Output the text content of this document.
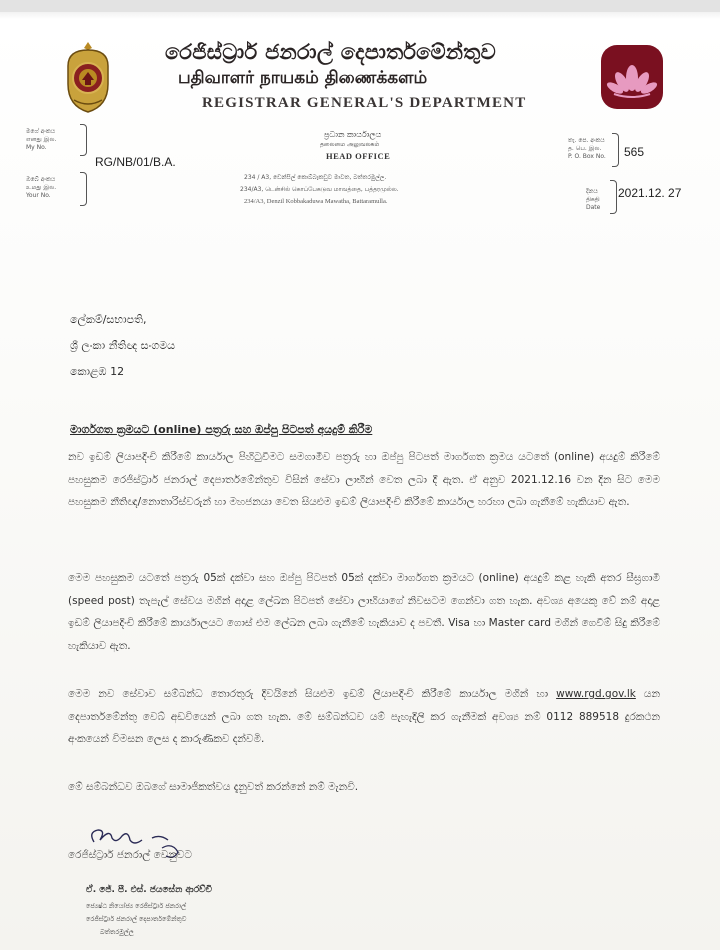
රෙජිස්ට්‍රාර් ජනරාල් දෙපාර්තමේන්තුව
பதிவாளர் நாயகம் திணைக்களம்
REGISTRAR GENERAL'S DEPARTMENT
මගේ අංකය
எனது இல.
My No.
RG/NB/01/B.A.
ඔබේ අංකය
உமது இல.
Your No.
ප්‍රධාන කාර්යාලය
தலைமை அலுவலகம்
HEAD OFFICE
234 / A3, ඩෙන්සිල් කොබ්බෑකඩුව මාවත, බත්තරමුල්ල.
234/A3, டென்சில் கொப்பேகடுவ மாவத்தை, பத்தரமுல்ல.
234/A3, Denzil Kobbakaduwa Mawatha, Battaramulla.
තැ. පෙ. අංකය
த. பெ. இல.
P. O. Box No. 565
දිනය
திகதி
Date
2021.12. 27
ලේකම්/සභාපති,
ශ්‍රී ලංකා නීතිඥ සංගමය
කොළඹ 12
මාර්ගගත ක්‍රමයට (online) පත්‍රරු සහ ඔප්පු පිටපත් අයදුම් කිරීම
නව ඉඩම් ලියාපදිංචි කිරීමේ කාර්යාල පිහිටුවීමට සමගාමීව පත්‍රරු හා ඔප්පු පිටපත් මාර්ගගත ක්‍රමය යටතේ (online) අයදුම් කිරීමේ පහසුකම රෙජිස්ට්‍රාර් ජනරාල් දෙපාර්තමේන්තුව විසින් සේවා ලාභීන් වෙත ලබා දී ඇත. ඒ අනුව 2021.12.16 වන දින සිට මෙම පහසුකම නීතිඥ/නොතාරිස්වරුන් හා මහජනයා වෙත සියළුම ඉඩම් ලියාපදිංචි කිරීමේ කාර්යාල හරහා ලබා ගැනීමේ හැකියාව ඇත.
මෙම පහසුකම යටතේ පත්‍රරු 05ක් දක්වා සහ ඔප්පු පිටපත් 05ක් දක්වා මාර්ගගත ක්‍රමයට (online) අයදුම් කළ හැකි අතර සීඝ්‍රගාමී (speed post) තැපැල් සේවය මගින් අදාළ ලේඛන පිටපත් සේවා ලාභියාගේ නිවසටම ගෙන්වා ගත හැක. අවශ්‍ය අයෙකු වේ නම් අදාළ ඉඩම් ලියාපදිංචි කිරීමේ කාර්යාලයට ගොස් එම ලේඛන ලබා ගැනීමේ හැකියාව ද පවතී. Visa හා Master card මගින් ගෙවීම් සිදු කිරීමේ හැකියාව ඇත.
මෙම නව සේවාව සම්බන්ධ තොරතුරු දිවයිනේ සියළුම ඉඩම් ලියාපදිංචි කිරීමේ කාර්යාල මගින් හා www.rgd.gov.lk යන දෙපාර්තමේන්තු වෙබ් අඩවියෙන් ලබා ගත හැක. මේ සම්බන්ධව යම් පැහැදිලි කර ගැනීමක් අවශ්‍ය නම් 0112 889518 දුරකථන අංකයෙන් විමසන ලෙස ද කාරුණිකව දන්වමි.
මේ සම්බන්ධව ඔබගේ සාමාජිකත්වය දැනුවත් කරන්නේ නම් මැනවි.
රෙජිස්ට්‍රාර් ජනරාල් වෙනුවට
ඒ. ජේ. පී. එස්. ජයසේන ආරච්චි
ජ්‍යෙෂ්ඨ නියෝජ්‍ය රෙජිස්ට්‍රාර් ජනරාල්
රෙජිස්ට්‍රාර් ජනරාල් දෙපාර්තමේන්තුව
බත්තරමුල්ල
